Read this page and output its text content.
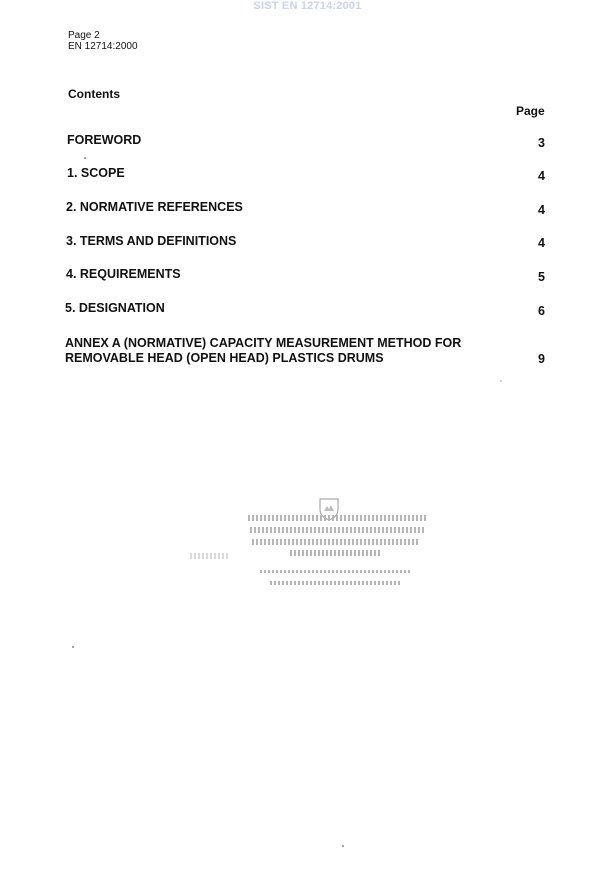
SIST EN 12714:2001
Page 2
EN 12714:2000
Contents
Page
FOREWORD	3
1. SCOPE	4
2. NORMATIVE REFERENCES	4
3. TERMS AND DEFINITIONS	4
4. REQUIREMENTS	5
5. DESIGNATION	6
ANNEX A (NORMATIVE) CAPACITY MEASUREMENT METHOD FOR
REMOVABLE HEAD (OPEN HEAD) PLASTICS DRUMS	9
